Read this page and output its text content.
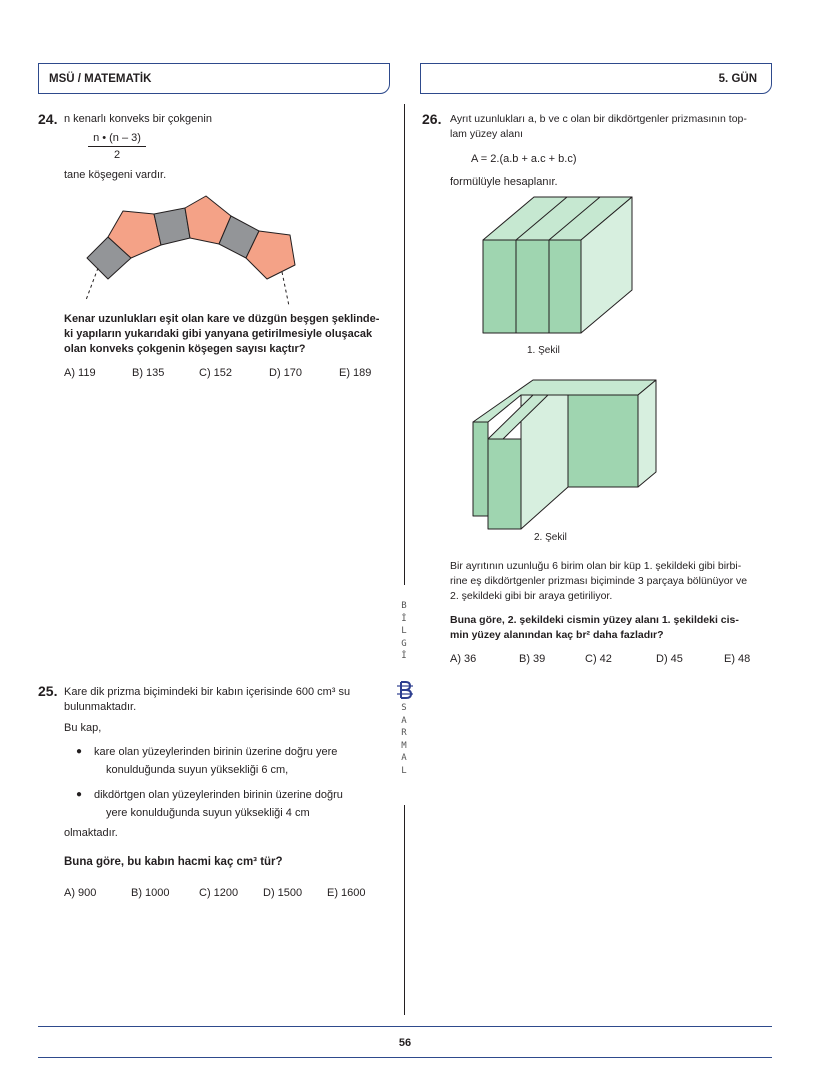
MSÜ / MATEMATİK	5. GÜN
24. n kenarlı konveks bir çokgenin
n • (n – 3)
2
tane köşegeni vardır.
Kenar uzunlukları eşit olan kare ve düzgün beşgen şeklinde-
ki yapıların yukarıdaki gibi yanyana getirilmesiyle oluşacak
olan konveks çokgenin köşegen sayısı kaçtır?
A) 119	B) 135	C) 152	D) 170	E) 189
B
İ
L
G
İ
S
A
R
M
A
L
25. Kare dik prizma biçimindeki bir kabın içerisinde 600 cm³ su
bulunmaktadır.
Bu kap,
● kare olan yüzeylerinden birinin üzerine doğru yere
konulduğunda suyun yüksekliği 6 cm,
● dikdörtgen olan yüzeylerinden birinin üzerine doğru
yere konulduğunda suyun yüksekliği 4 cm
olmaktadır.
Buna göre, bu kabın hacmi kaç cm³ tür?
A) 900	B) 1000	C) 1200	D) 1500	E) 1600
26. Ayrıt uzunlukları a, b ve c olan bir dikdörtgenler prizmasının top-
lam yüzey alanı
A = 2.(a.b + a.c + b.c)
formülüyle hesaplanır.
1. Şekil
2. Şekil
Bir ayrıtının uzunluğu 6 birim olan bir küp 1. şekildeki gibi birbi-
rine eş dikdörtgenler prizması biçiminde 3 parçaya bölünüyor ve
2. şekildeki gibi bir araya getiriliyor.
Buna göre, 2. şekildeki cismin yüzey alanı 1. şekildeki cis-
min yüzey alanından kaç br² daha fazladır?
A) 36	B) 39	C) 42	D) 45	E) 48
56
